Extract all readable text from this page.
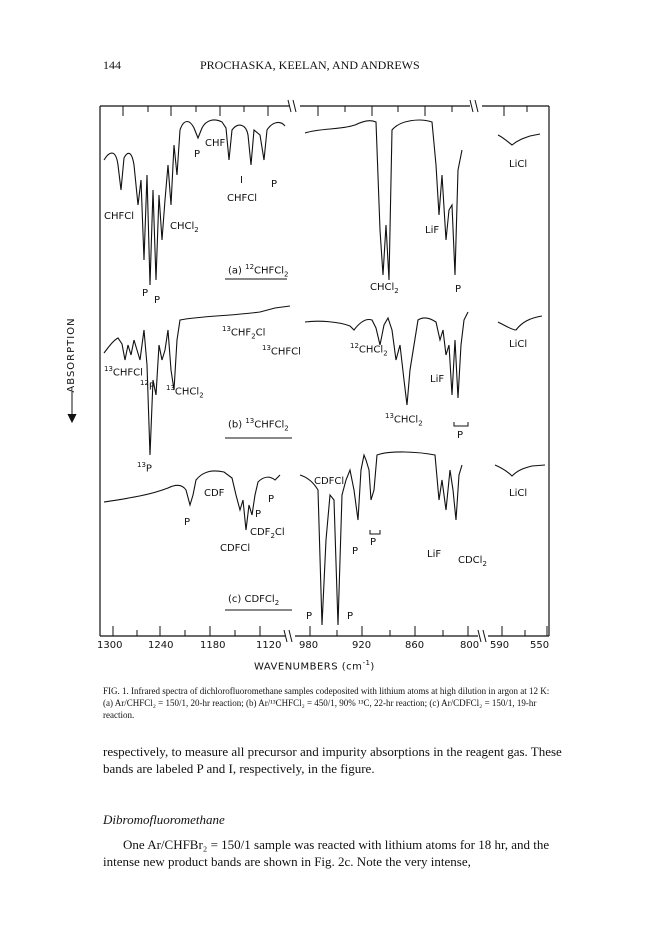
144	PROCHASKA, KEELAN, AND ANDREWS
ABSORPTION
CHFCl
CHCl$_2$
P
P
CHF
P
I	P
CHFCl
(a) $^{12}$CHFCl$_2$
CHCl$_2$	P
LiF
LiCl
$^{13}$CHFCl
$^{12}$P $^{13}$CHCl$_2$
$^{13}CHF_2Cl$
$^{13}$CHFCl
(b) $^{13}$CHFCl$_2$
$^{12}$CHCl$_2$
LiF
$^{13}$CHCl$_2$
P
LiCl
$^{13}$P
CDF
P
P
P
$CDF_2Cl$
CDFCl
(c) CDFCl$_2$
CDFCl
P
P
P	P
LiF
CDCl$_2$
LiCl
1300	1240	1180	1120 980	920	860	800 590 550
WAVENUMBERS $(cm^{-1})$
FIG. 1. Infrared spectra of dichlorofluoromethane samples codeposited with lithium atoms at high dilution in argon at 12 K: (a) Ar/CHFCl₂ = 150/1, 20-hr reaction; (b) Ar/¹³CHFCl₂ = 450/1, 90% ¹³C, 22-hr reaction; (c) Ar/CDFCl₂ = 150/1, 19-hr reaction.
respectively, to measure all precursor and impurity absorptions in the reagent gas. These bands are labeled P and I, respectively, in the figure.
Dibromofluoromethane
One Ar/CHFBr₂ = 150/1 sample was reacted with lithium atoms for 18 hr, and the intense new product bands are shown in Fig. 2c. Note the very intense,
